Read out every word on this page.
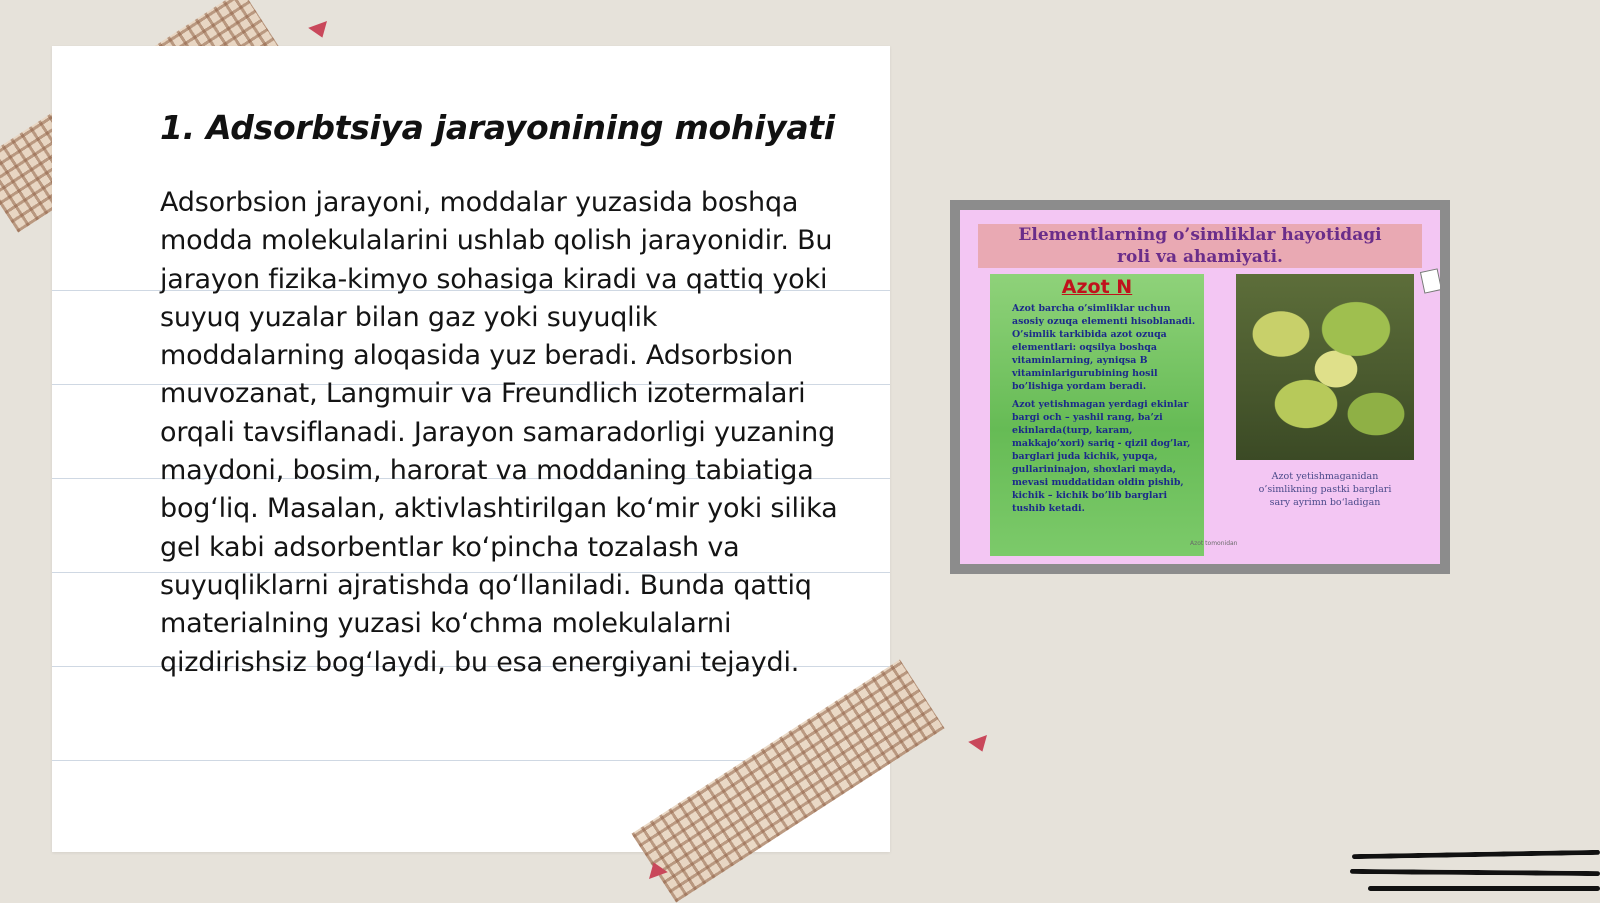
1. Adsorbtsiya jarayonining mohiyati

Adsorbsion jarayoni, moddalar yuzasida boshqa modda molekulalarini ushlab qolish jarayonidir. Bu jarayon fizika-kimyo sohasiga kiradi va qattiq yoki suyuq yuzalar bilan gaz yoki suyuqlik moddalarning aloqasida yuz beradi. Adsorbsion muvozanat, Langmuir va Freundlich izotermalari orqali tavsiflanadi. Jarayon samaradorligi yuzaning maydoni, bosim, harorat va moddaning tabiatiga bog‘liq. Masalan, aktivlashtirilgan ko‘mir yoki silika gel kabi adsorbentlar ko‘pincha tozalash va suyuqliklarni ajratishda qo‘llaniladi. Bunda qattiq materialning yuzasi ko‘chma molekulalarni qizdirishsiz bog‘laydi, bu esa energiyani tejaydi.

Elementlarning o’simliklar hayotidagi
roli va ahamiyati.
Azot N

Azot barcha o’simliklar uchun asosiy ozuqa elementi hisoblanadi. O’simlik tarkibida azot ozuqa elementlari: oqsilya boshqa vitaminlarning, ayniqsa B vitaminlarigurubining hosil bo’lishiga yordam beradi.

Azot yetishmagan yerdagi ekinlar bargi och – yashil rang, ba’zi ekinlarda(turp, karam, makkajo’xori) sariq - qizil dog’lar, barglari juda kichik, yupqa, gullarininajon, shoxlari mayda, mevasi muddatidan oldin pishib, kichik – kichik bo’lib barglari tushib ketadi.

Azot yetishmaganidan o’simlikning pastki barglari sary ayrimn bo‘ladigan
Azot tomonidan
